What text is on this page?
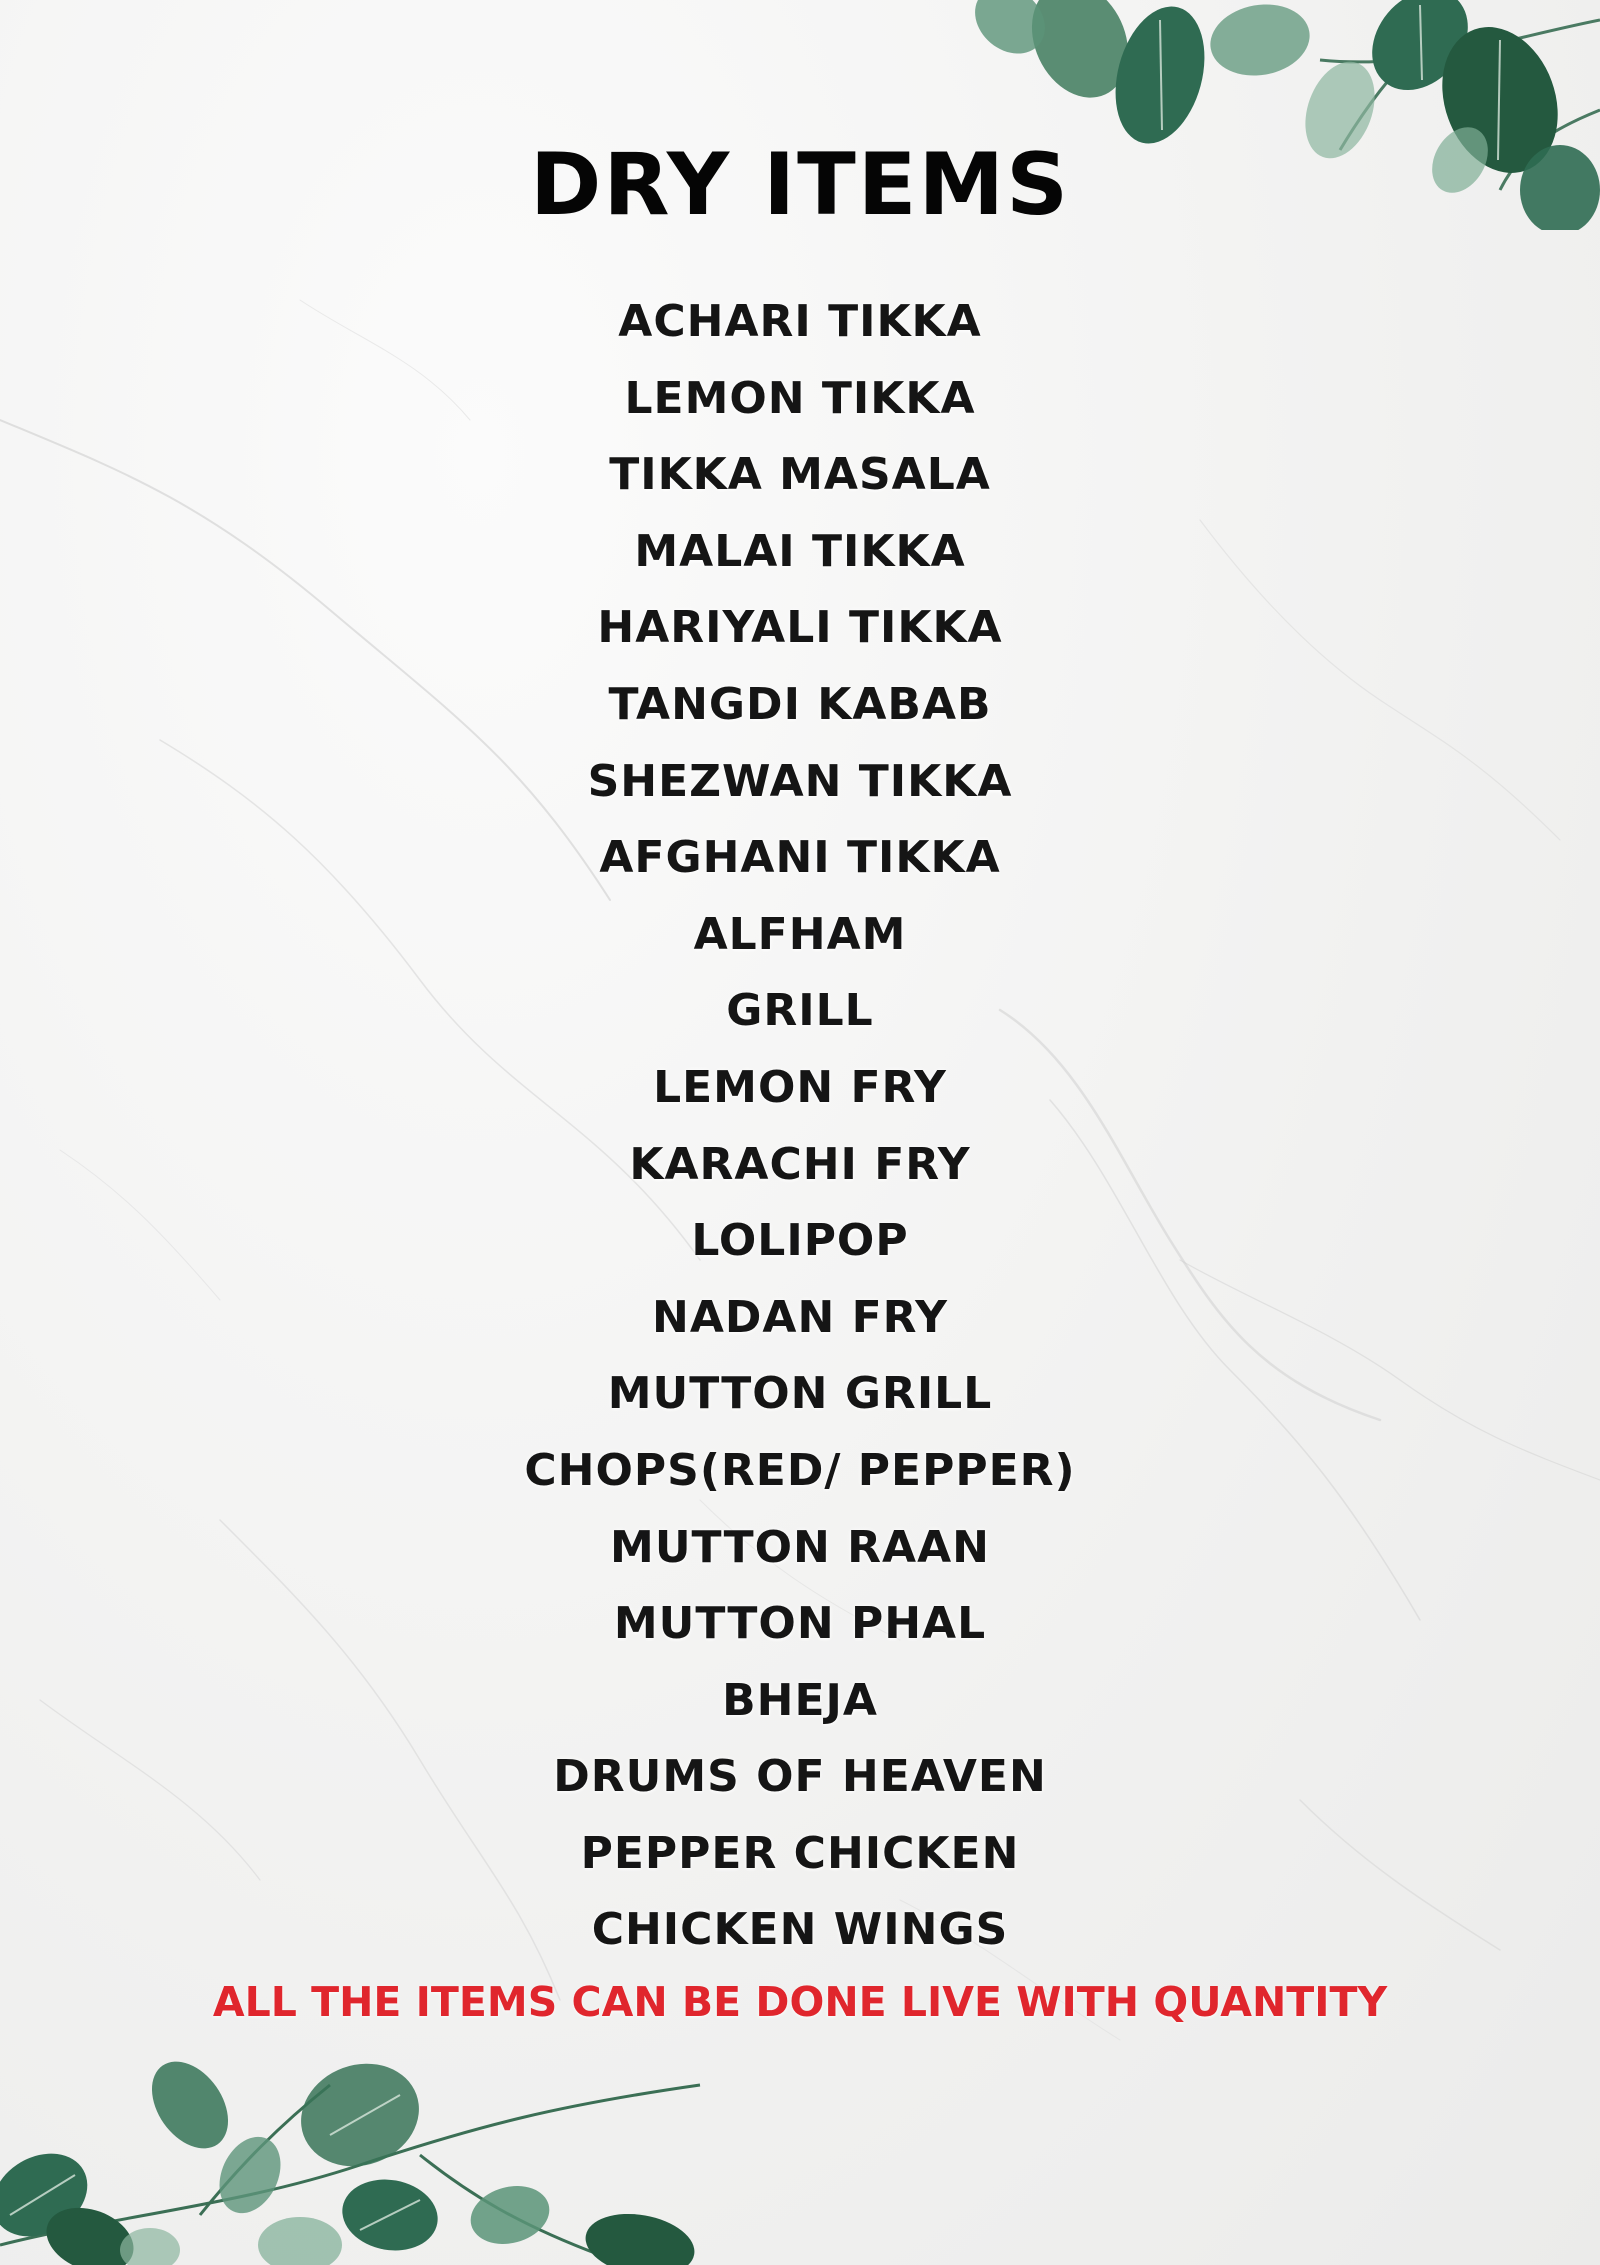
DRY ITEMS
ACHARI TIKKA
LEMON TIKKA
TIKKA MASALA
MALAI TIKKA
HARIYALI TIKKA
TANGDI KABAB
SHEZWAN TIKKA
AFGHANI TIKKA
ALFHAM
GRILL
LEMON FRY
KARACHI FRY
LOLIPOP
NADAN FRY
MUTTON GRILL
CHOPS(RED/ PEPPER)
MUTTON RAAN
MUTTON PHAL
BHEJA
DRUMS OF HEAVEN
PEPPER CHICKEN
CHICKEN WINGS

ALL THE ITEMS CAN BE DONE LIVE WITH QUANTITY
